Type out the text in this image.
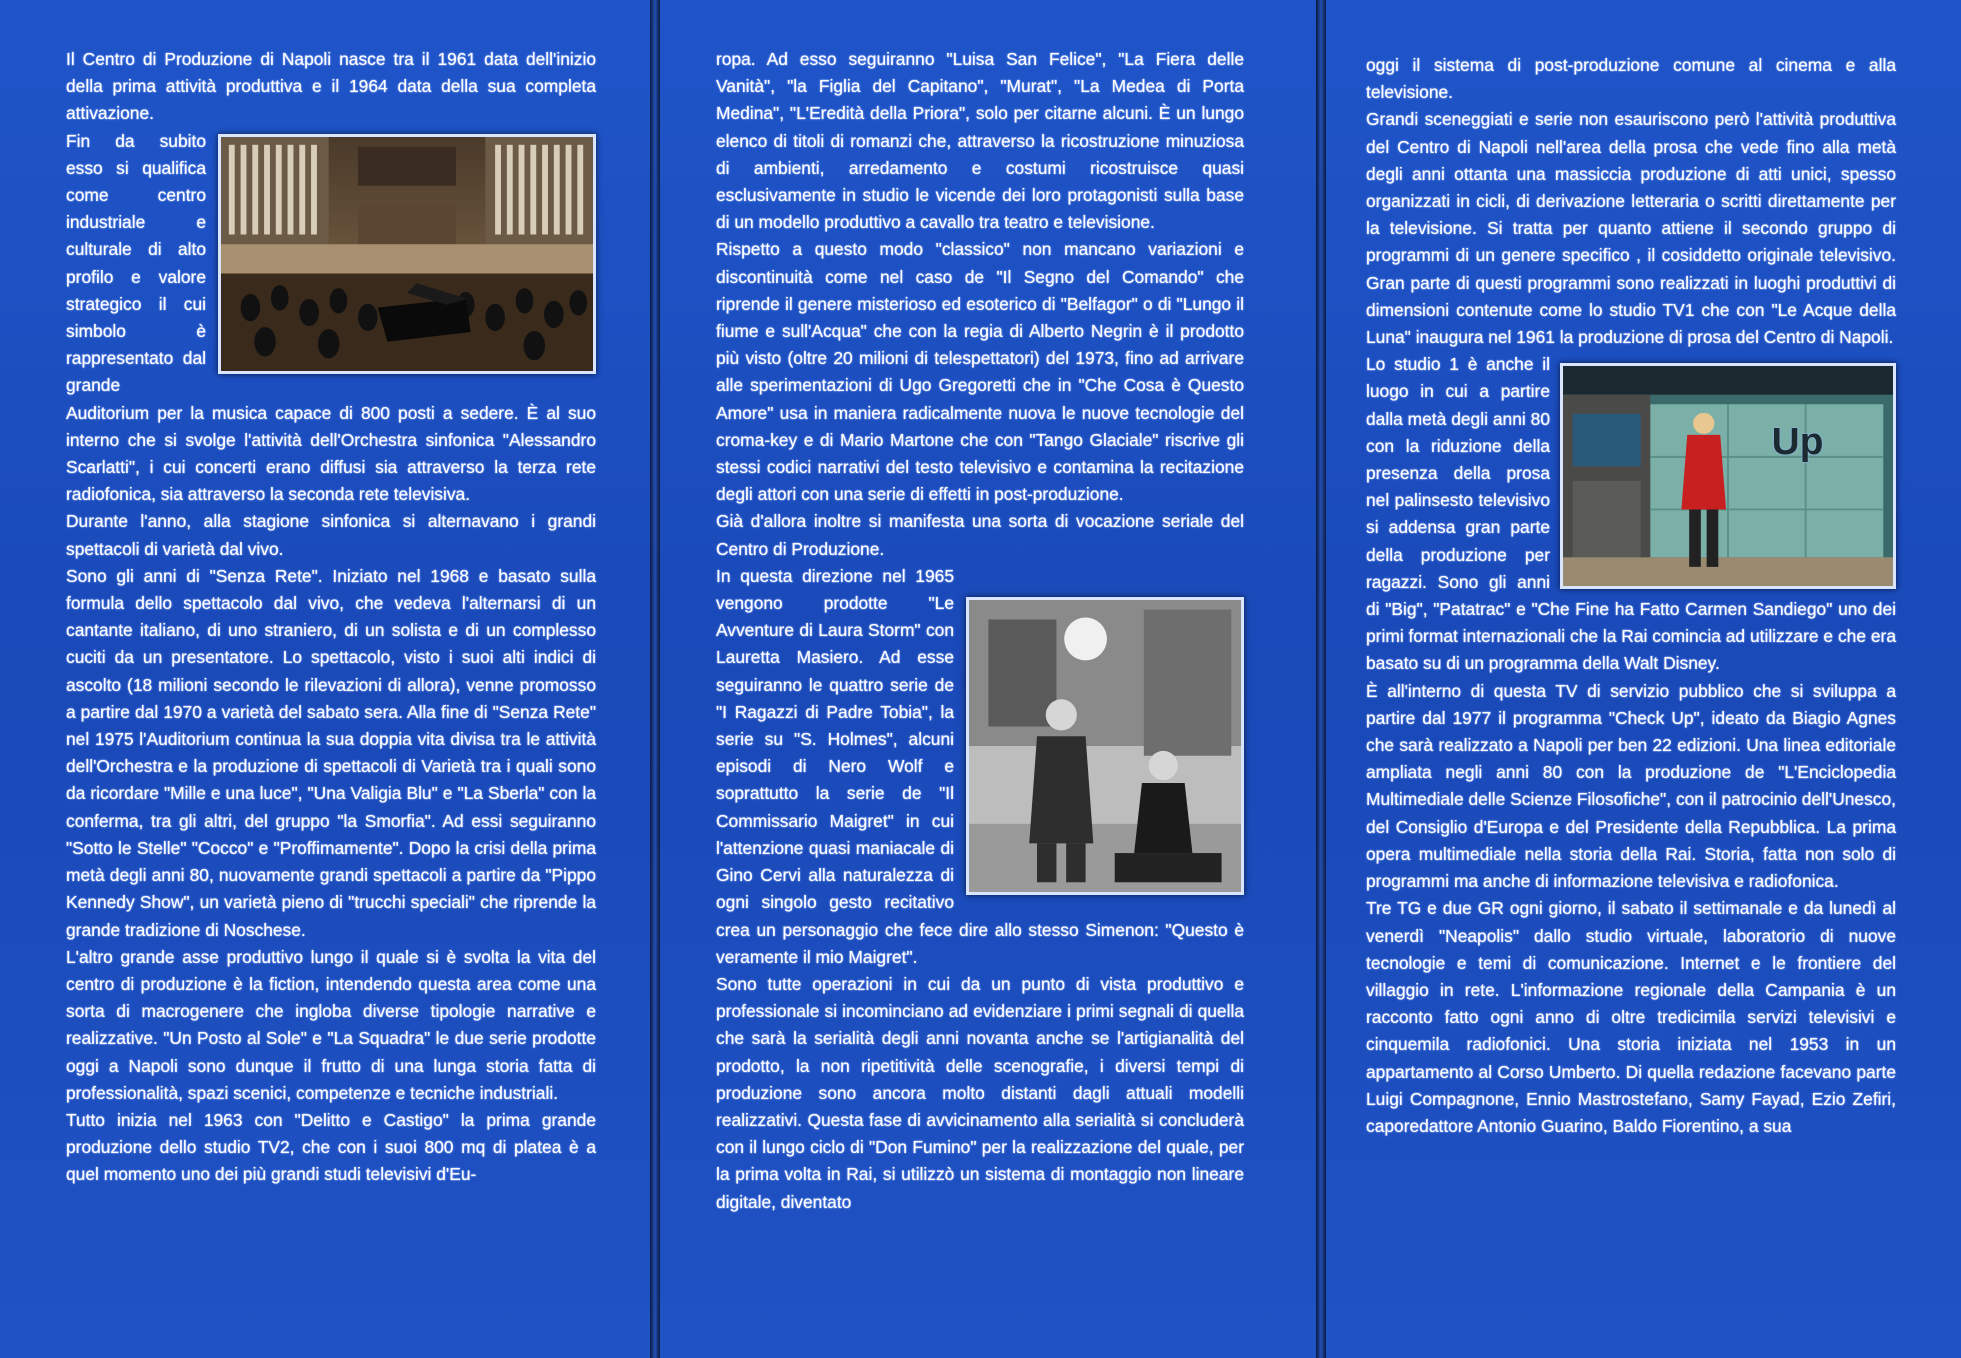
Il Centro di Produzione di Napoli nasce tra il 1961 data dell'inizio della prima attività produttiva e il 1964 data della sua completa attivazione.

Fin da subito esso si qualifica come centro industriale e culturale di alto profilo e valore strategico il cui simbolo è rappresentato dal grande Auditorium per la musica capace di 800 posti a sedere. È al suo interno che si svolge l'attività dell'Orchestra sinfonica "Alessandro Scarlatti", i cui concerti erano diffusi sia attraverso la terza rete radiofonica, sia attraverso la seconda rete televisiva.

Durante l'anno, alla stagione sinfonica si alternavano i grandi spettacoli di varietà dal vivo.

Sono gli anni di "Senza Rete". Iniziato nel 1968 e basato sulla formula dello spettacolo dal vivo, che vedeva l'alternarsi di un cantante italiano, di uno straniero, di un solista e di un complesso cuciti da un presentatore. Lo spettacolo, visto i suoi alti indici di ascolto (18 milioni secondo le rilevazioni di allora), venne promosso a partire dal 1970 a varietà del sabato sera. Alla fine di "Senza Rete" nel 1975 l'Auditorium continua la sua doppia vita divisa tra le attività dell'Orchestra e la produzione di spettacoli di Varietà tra i quali sono da ricordare "Mille e una luce", "Una Valigia Blu" e "La Sberla" con la conferma, tra gli altri, del gruppo "la Smorfia". Ad essi seguiranno "Sotto le Stelle" "Cocco" e "Proffimamente". Dopo la crisi della prima metà degli anni 80, nuovamente grandi spettacoli a partire da "Pippo Kennedy Show", un varietà pieno di "trucchi speciali" che riprende la grande tradizione di Noschese.

L'altro grande asse produttivo lungo il quale si è svolta la vita del centro di produzione è la fiction, intendendo questa area come una sorta di macrogenere che ingloba diverse tipologie narrative e realizzative. "Un Posto al Sole" e "La Squadra" le due serie prodotte oggi a Napoli sono dunque il frutto di una lunga storia fatta di professionalità, spazi scenici, competenze e tecniche industriali.

Tutto inizia nel 1963 con "Delitto e Castigo" la prima grande produzione dello studio TV2, che con i suoi 800 mq di platea è a quel momento uno dei più grandi studi televisivi d'Eu-

ropa. Ad esso seguiranno "Luisa San Felice", "La Fiera delle Vanità", "la Figlia del Capitano", "Murat", "La Medea di Porta Medina", "L'Eredità della Priora", solo per citarne alcuni. È un lungo elenco di titoli di romanzi che, attraverso la ricostruzione minuziosa di ambienti, arredamento e costumi ricostruisce quasi esclusivamente in studio le vicende dei loro protagonisti sulla base di un modello produttivo a cavallo tra teatro e televisione.

Rispetto a questo modo "classico" non mancano variazioni e discontinuità come nel caso de "Il Segno del Comando" che riprende il genere misterioso ed esoterico di "Belfagor" o di "Lungo il fiume e sull'Acqua" che con la regia di Alberto Negrin è il prodotto più visto (oltre 20 milioni di telespettatori) del 1973, fino ad arrivare alle sperimentazioni di Ugo Gregoretti che in "Che Cosa è Questo Amore" usa in maniera radicalmente nuova le nuove tecnologie del croma-key e di Mario Martone che con "Tango Glaciale" riscrive gli stessi codici narrativi del testo televisivo e contamina la recitazione degli attori con una serie di effetti in post-produzione.

Già d'allora inoltre si manifesta una sorta di vocazione seriale del Centro di Produzione.

In questa direzione nel 1965 vengono prodotte "Le Avventure di Laura Storm" con Lauretta Masiero. Ad esse seguiranno le quattro serie de "I Ragazzi di Padre Tobia", la serie su "S. Holmes", alcuni episodi di Nero Wolf e soprattutto la serie de "Il Commissario Maigret" in cui l'attenzione quasi maniacale di Gino Cervi alla naturalezza di ogni singolo gesto recitativo crea un personaggio che fece dire allo stesso Simenon: "Questo è veramente il mio Maigret".

Sono tutte operazioni in cui da un punto di vista produttivo e professionale si incominciano ad evidenziare i primi segnali di quella che sarà la serialità degli anni novanta anche se l'artigianalità del prodotto, la non ripetitività delle scenografie, i diversi tempi di produzione sono ancora molto distanti dagli attuali modelli realizzativi. Questa fase di avvicinamento alla serialità si concluderà con il lungo ciclo di "Don Fumino" per la realizzazione del quale, per la prima volta in Rai, si utilizzò un sistema di montaggio non lineare digitale, diventato

oggi il sistema di post-produzione comune al cinema e alla televisione.

Grandi sceneggiati e serie non esauriscono però l'attività produttiva del Centro di Napoli nell'area della prosa che vede fino alla metà degli anni ottanta una massiccia produzione di atti unici, spesso organizzati in cicli, di derivazione letteraria o scritti direttamente per la televisione. Si tratta per quanto attiene il secondo gruppo di programmi di un genere specifico , il cosiddetto originale televisivo. Gran parte di questi programmi sono realizzati in luoghi produttivi di dimensioni contenute come lo studio TV1 che con "Le Acque della Luna" inaugura nel 1961 la produzione di prosa del Centro di Napoli.

Up

Lo studio 1 è anche il luogo in cui a partire dalla metà degli anni 80 con la riduzione della presenza della prosa nel palinsesto televisivo si addensa gran parte della produzione per ragazzi. Sono gli anni di "Big", "Patatrac" e "Che Fine ha Fatto Carmen Sandiego" uno dei primi format internazionali che la Rai comincia ad utilizzare e che era basato su di un programma della Walt Disney.

È all'interno di questa TV di servizio pubblico che si sviluppa a partire dal 1977 il programma "Check Up", ideato da Biagio Agnes che sarà realizzato a Napoli per ben 22 edizioni. Una linea editoriale ampliata negli anni 80 con la produzione de "L'Enciclopedia Multimediale delle Scienze Filosofiche", con il patrocinio dell'Unesco, del Consiglio d'Europa e del Presidente della Repubblica. La prima opera multimediale nella storia della Rai. Storia, fatta non solo di programmi ma anche di informazione televisiva e radiofonica.

Tre TG e due GR ogni giorno, il sabato il settimanale e da lunedì al venerdì "Neapolis" dallo studio virtuale, laboratorio di nuove tecnologie e temi di comunicazione. Internet e le frontiere del villaggio in rete. L'informazione regionale della Campania è un racconto fatto ogni anno di oltre tredicimila servizi televisivi e cinquemila radiofonici. Una storia iniziata nel 1953 in un appartamento al Corso Umberto. Di quella redazione facevano parte Luigi Compagnone, Ennio Mastrostefano, Samy Fayad, Ezio Zefiri, caporedattore Antonio Guarino, Baldo Fiorentino, a sua
